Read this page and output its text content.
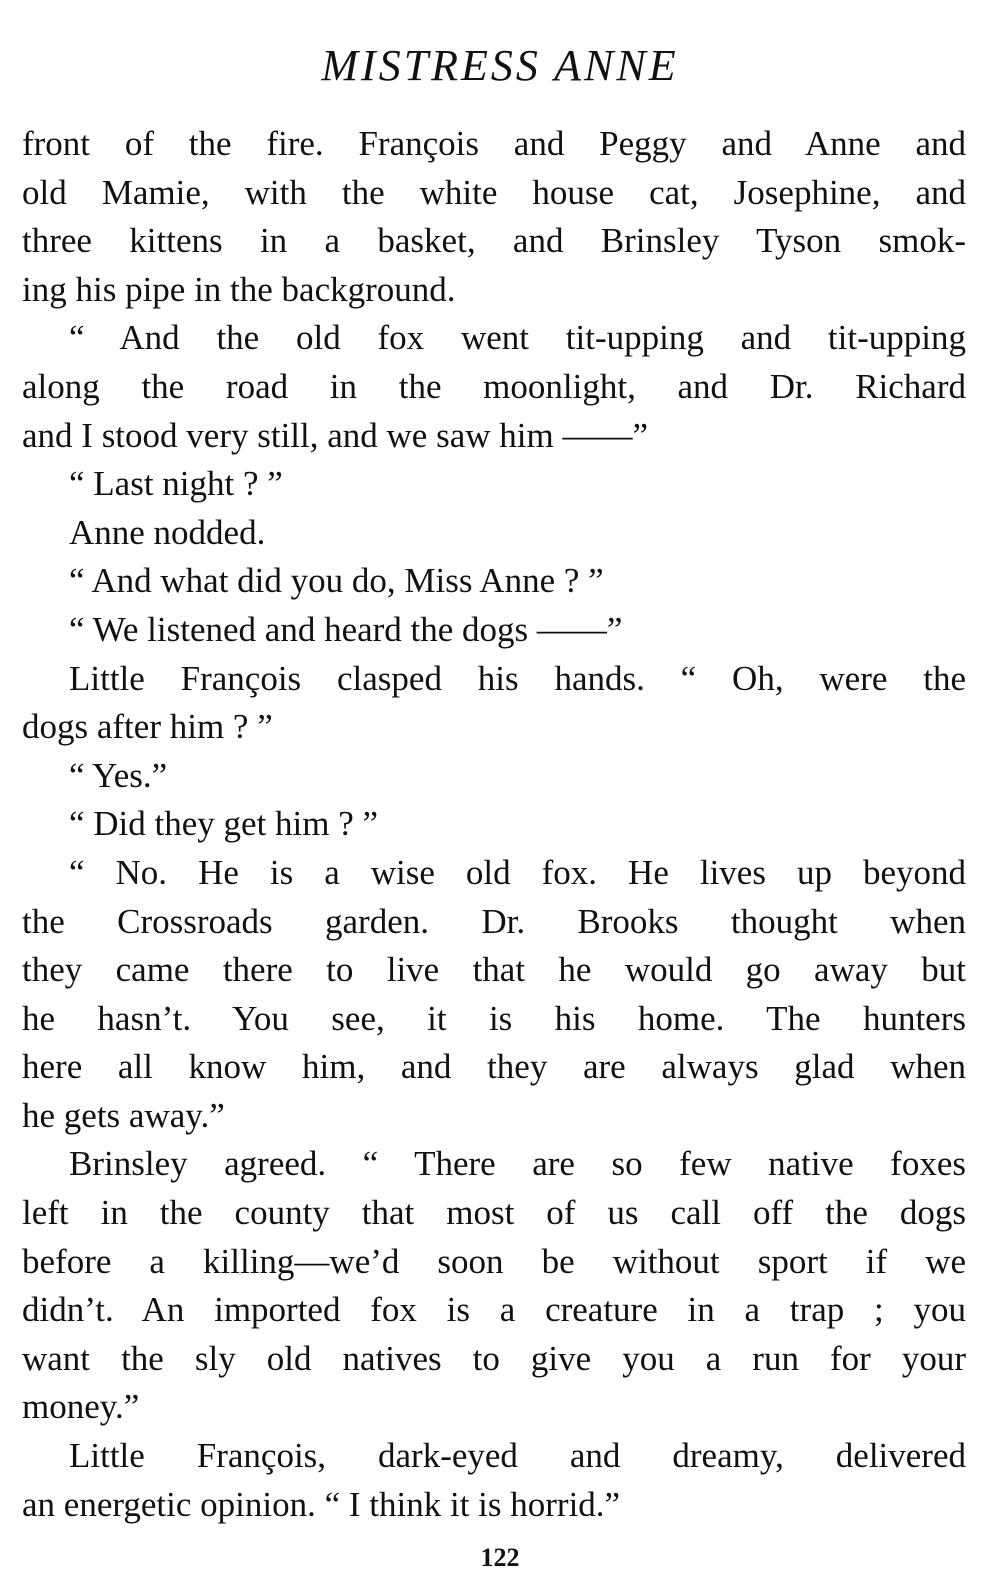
MISTRESS ANNE
front of the fire. François and Peggy and Anne and
old Mamie, with the white house cat, Josephine, and
three kittens in a basket, and Brinsley Tyson smok-
ing his pipe in the background.
“ And the old fox went tit-upping and tit-upping
along the road in the moonlight, and Dr. Richard
and I stood very still, and we saw him ——”
“ Last night ? ”
Anne nodded.
“ And what did you do, Miss Anne ? ”
“ We listened and heard the dogs ——”
Little François clasped his hands. “ Oh, were the
dogs after him ? ”
“ Yes.”
“ Did they get him ? ”
“ No. He is a wise old fox. He lives up beyond
the Crossroads garden. Dr. Brooks thought when
they came there to live that he would go away but
he hasn’t. You see, it is his home. The hunters
here all know him, and they are always glad when
he gets away.”
Brinsley agreed. “ There are so few native foxes
left in the county that most of us call off the dogs
before a killing—we’d soon be without sport if we
didn’t. An imported fox is a creature in a trap ; you
want the sly old natives to give you a run for your
money.”
Little François, dark-eyed and dreamy, delivered
an energetic opinion. “ I think it is horrid.”
122
